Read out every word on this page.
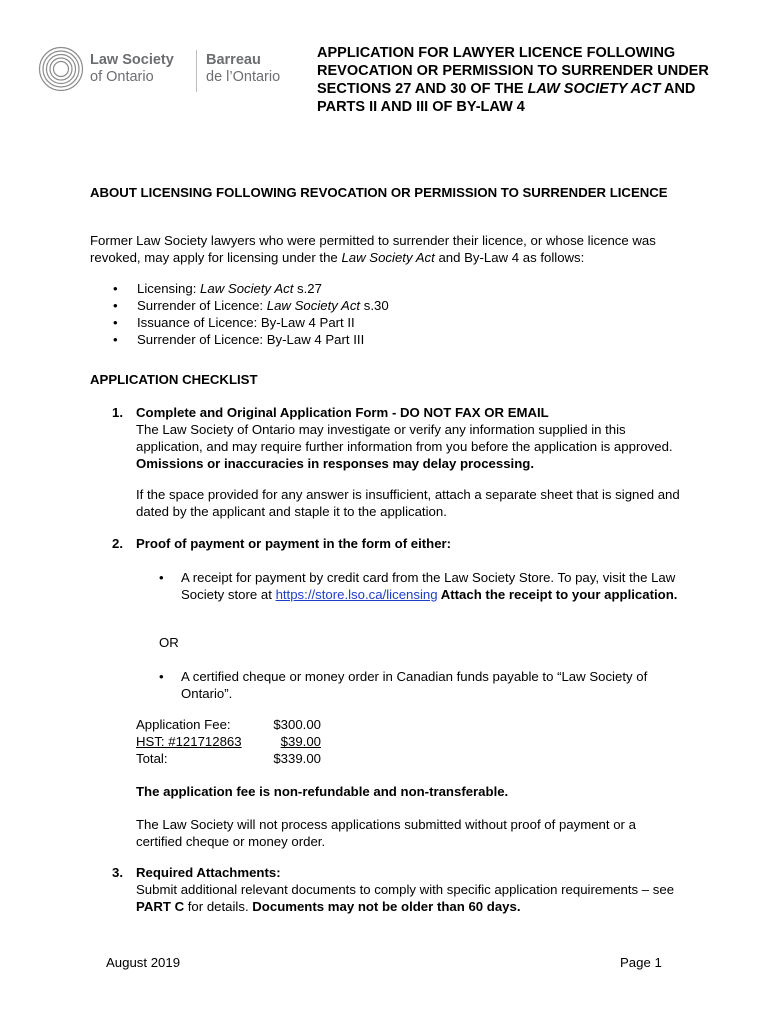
Law Society
of Ontario
Barreau
de l’Ontario
APPLICATION FOR LAWYER LICENCE FOLLOWING REVOCATION OR PERMISSION TO SURRENDER UNDER SECTIONS 27 AND 30 OF THE LAW SOCIETY ACT AND PARTS II AND III OF BY-LAW 4
ABOUT LICENSING FOLLOWING REVOCATION OR PERMISSION TO SURRENDER LICENCE

Former Law Society lawyers who were permitted to surrender their licence, or whose licence was revoked, may apply for licensing under the Law Society Act and By-Law 4 as follows:

• Licensing: Law Society Act s.27
• Surrender of Licence: Law Society Act s.30
• Issuance of Licence: By-Law 4 Part II
• Surrender of Licence: By-Law 4 Part III
APPLICATION CHECKLIST
1. Complete and Original Application Form - DO NOT FAX OR EMAIL

The Law Society of Ontario may investigate or verify any information supplied in this application, and may require further information from you before the application is approved. Omissions or inaccuracies in responses may delay processing.

If the space provided for any answer is insufficient, attach a separate sheet that is signed and dated by the applicant and staple it to the application.

2. Proof of payment or payment in the form of either:
• A receipt for payment by credit card from the Law Society Store. To pay, visit the Law Society store at https://store.lso.ca/licensing Attach the receipt to your application.

OR
• A certified cheque or money order in Canadian funds payable to “Law Society of Ontario”.

Application Fee:	$300.00
HST: #121712863	$39.00
Total:	$339.00
The application fee is non-refundable and non-transferable.

The Law Society will not process applications submitted without proof of payment or a certified cheque or money order.

3. Required Attachments:

Submit additional relevant documents to comply with specific application requirements – see PART C for details. Documents may not be older than 60 days.

August 2019	Page 1
